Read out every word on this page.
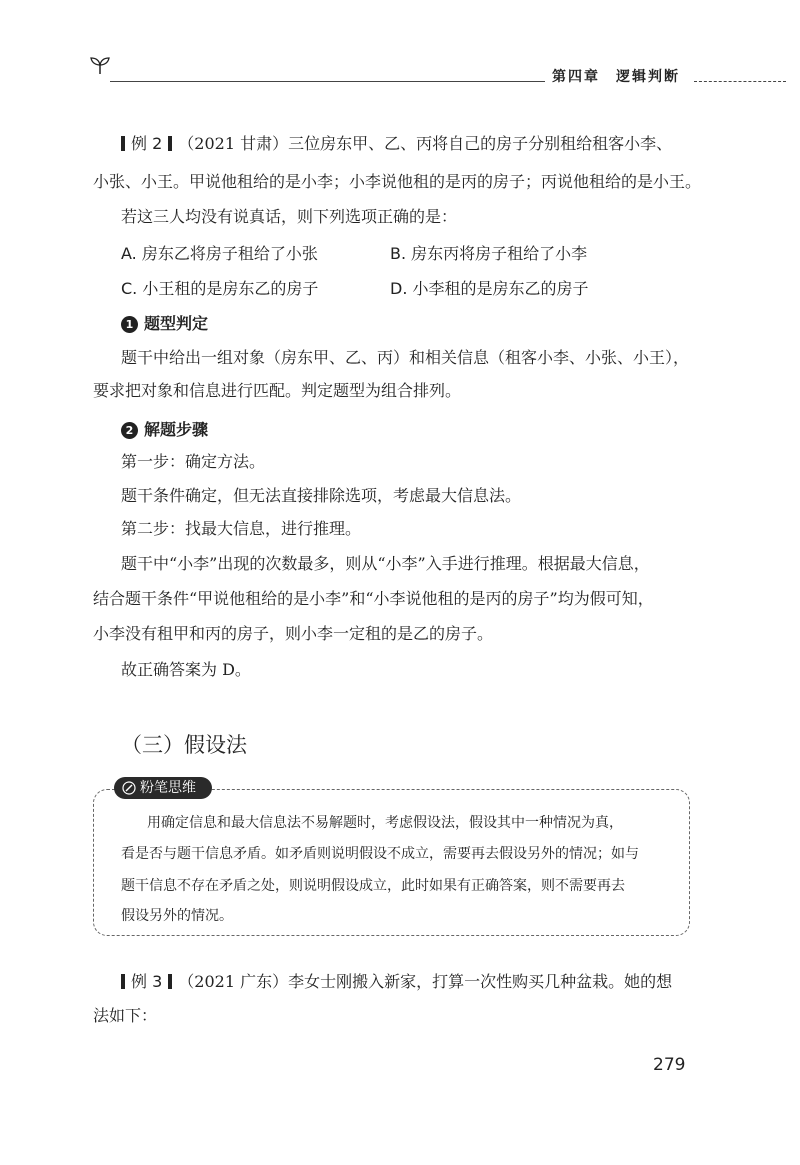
第四章 逻辑判断
例 2 （2021 甘肃）三位房东甲、乙、丙将自己的房子分别租给租客小李、
小张、小王。甲说他租给的是小李；小李说他租的是丙的房子；丙说他租给的是小王。
若这三人均没有说真话，则下列选项正确的是：
A. 房东乙将房子租给了小张	B. 房东丙将房子租给了小李
C. 小王租的是房东乙的房子	D. 小李租的是房东乙的房子
1 题型判定
题干中给出一组对象（房东甲、乙、丙）和相关信息（租客小李、小张、小王），
要求把对象和信息进行匹配。判定题型为组合排列。
2 解题步骤
第一步：确定方法。
题干条件确定，但无法直接排除选项，考虑最大信息法。
第二步：找最大信息，进行推理。
题干中“小李”出现的次数最多，则从“小李”入手进行推理。根据最大信息，
结合题干条件“甲说他租给的是小李”和“小李说他租的是丙的房子”均为假可知，
小李没有租甲和丙的房子，则小李一定租的是乙的房子。
故正确答案为 D。
（三）假设法
粉笔思维
用确定信息和最大信息法不易解题时，考虑假设法，假设其中一种情况为真，
看是否与题干信息矛盾。如矛盾则说明假设不成立，需要再去假设另外的情况；如与
题干信息不存在矛盾之处，则说明假设成立，此时如果有正确答案，则不需要再去
假设另外的情况。
例 3 （2021 广东）李女士刚搬入新家，打算一次性购买几种盆栽。她的想
法如下：
279
